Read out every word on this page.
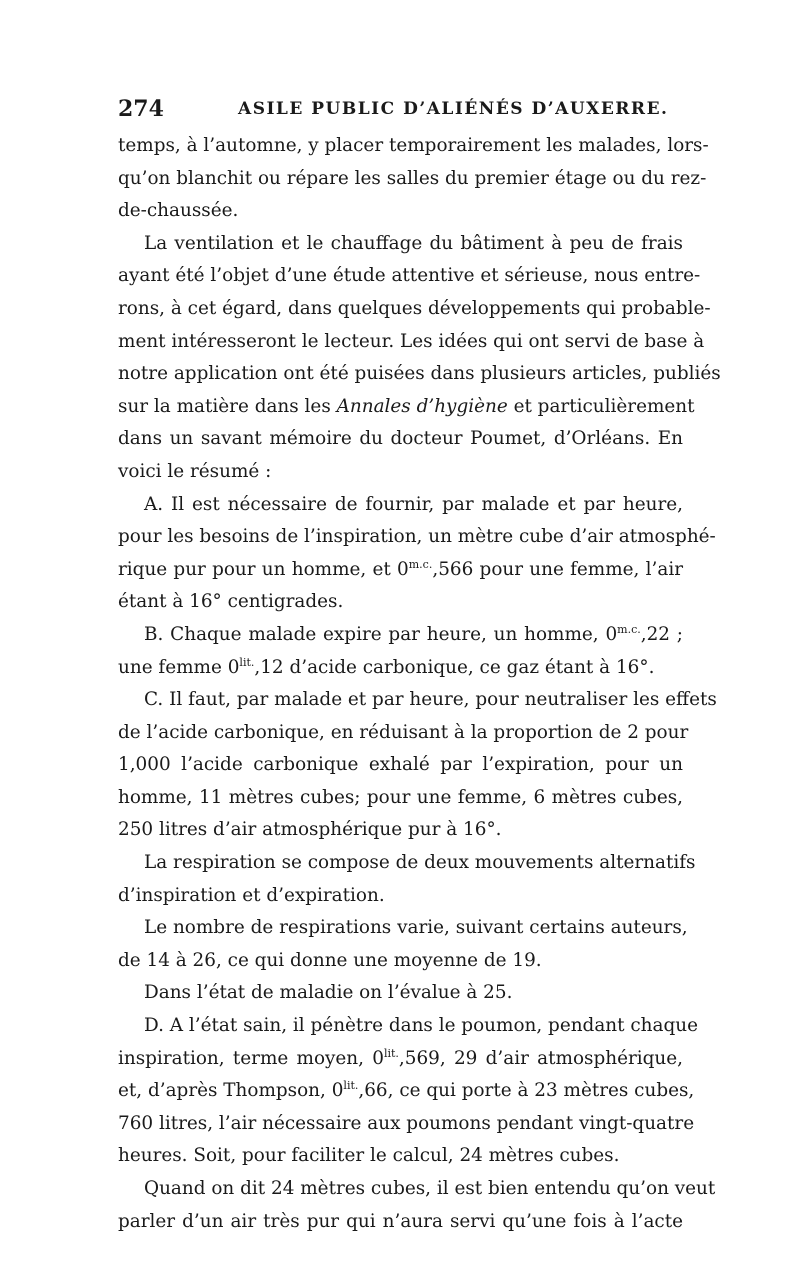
274	ASILE PUBLIC D’ALIÉNÉS D’AUXERRE.
temps, à l’automne, y placer temporairement les malades, lors-
qu’on blanchit ou répare les salles du premier étage ou du rez-
de-chaussée.
La ventilation et le chauffage du bâtiment à peu de frais
ayant été l’objet d’une étude attentive et sérieuse, nous entre-
rons, à cet égard, dans quelques développements qui probable-
ment intéresseront le lecteur. Les idées qui ont servi de base à
notre application ont été puisées dans plusieurs articles, publiés
sur la matière dans les Annales d’hygiène et particulièrement
dans un savant mémoire du docteur Poumet, d’Orléans. En
voici le résumé :
A. Il est nécessaire de fournir, par malade et par heure,
pour les besoins de l’inspiration, un mètre cube d’air atmosphé-
rique pur pour un homme, et $0^{m.c.},566$ pour une femme, l’air
étant à 16° centigrades.
B. Chaque malade expire par heure, un homme, $0^{m.c.},22$ ;
une femme $0^{lit.},12$ d’acide carbonique, ce gaz étant à 16°.
C. Il faut, par malade et par heure, pour neutraliser les effets
de l’acide carbonique, en réduisant à la proportion de 2 pour
1,000 l’acide carbonique exhalé par l’expiration, pour un
homme, 11 mètres cubes; pour une femme, 6 mètres cubes,
250 litres d’air atmosphérique pur à 16°.
La respiration se compose de deux mouvements alternatifs
d’inspiration et d’expiration.
Le nombre de respirations varie, suivant certains auteurs,
de 14 à 26, ce qui donne une moyenne de 19.
Dans l’état de maladie on l’évalue à 25.
D. A l’état sain, il pénètre dans le poumon, pendant chaque
inspiration, terme moyen, $0^{lit.},569$, 29 d’air atmosphérique,
et, d’après Thompson, $0^{lit.},66$, ce qui porte à 23 mètres cubes,
760 litres, l’air nécessaire aux poumons pendant vingt-quatre
heures. Soit, pour faciliter le calcul, 24 mètres cubes.
Quand on dit 24 mètres cubes, il est bien entendu qu’on veut
parler d’un air très pur qui n’aura servi qu’une fois à l’acte
